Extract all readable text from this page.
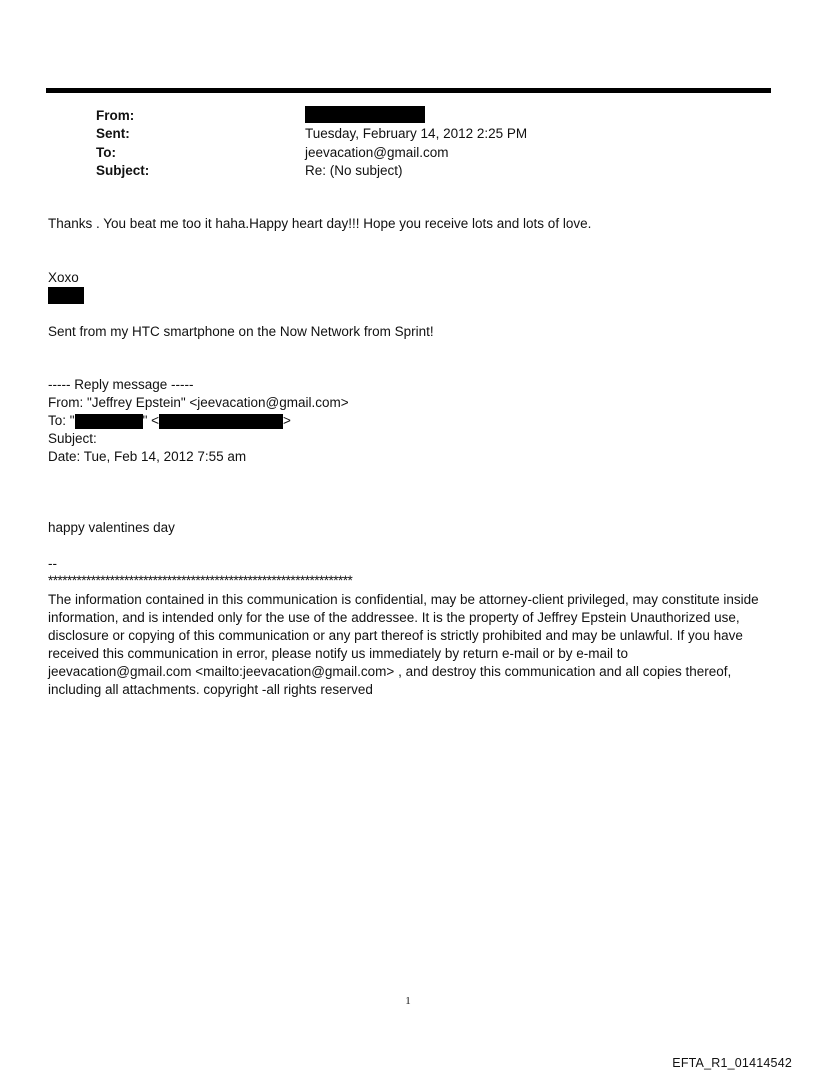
From:
Sent:	Tuesday, February 14, 2012 2:25 PM
To:	jeevacation@gmail.com
Subject:	Re: (No subject)
Thanks . You beat me too it haha.Happy heart day!!! Hope you receive lots and lots of love.
Xoxo
Sent from my HTC smartphone on the Now Network from Sprint!
----- Reply message -----
From: "Jeffrey Epstein" <jeevacation@gmail.com>
To: "	" <	>
Subject:
Date: Tue, Feb 14, 2012 7:55 am
happy valentines day
--
****************************************************************
The information contained in this communication is confidential, may be attorney-client privileged, may constitute inside information, and is intended only for the use of the addressee. It is the property of Jeffrey Epstein Unauthorized use, disclosure or copying of this communication or any part thereof is strictly prohibited and may be unlawful. If you have received this communication in error, please notify us immediately by return e-mail or by e-mail to jeevacation@gmail.com <mailto:jeevacation@gmail.com> , and destroy this communication and all copies thereof, including all attachments. copyright -all rights reserved
1
EFTA_R1_01414542
